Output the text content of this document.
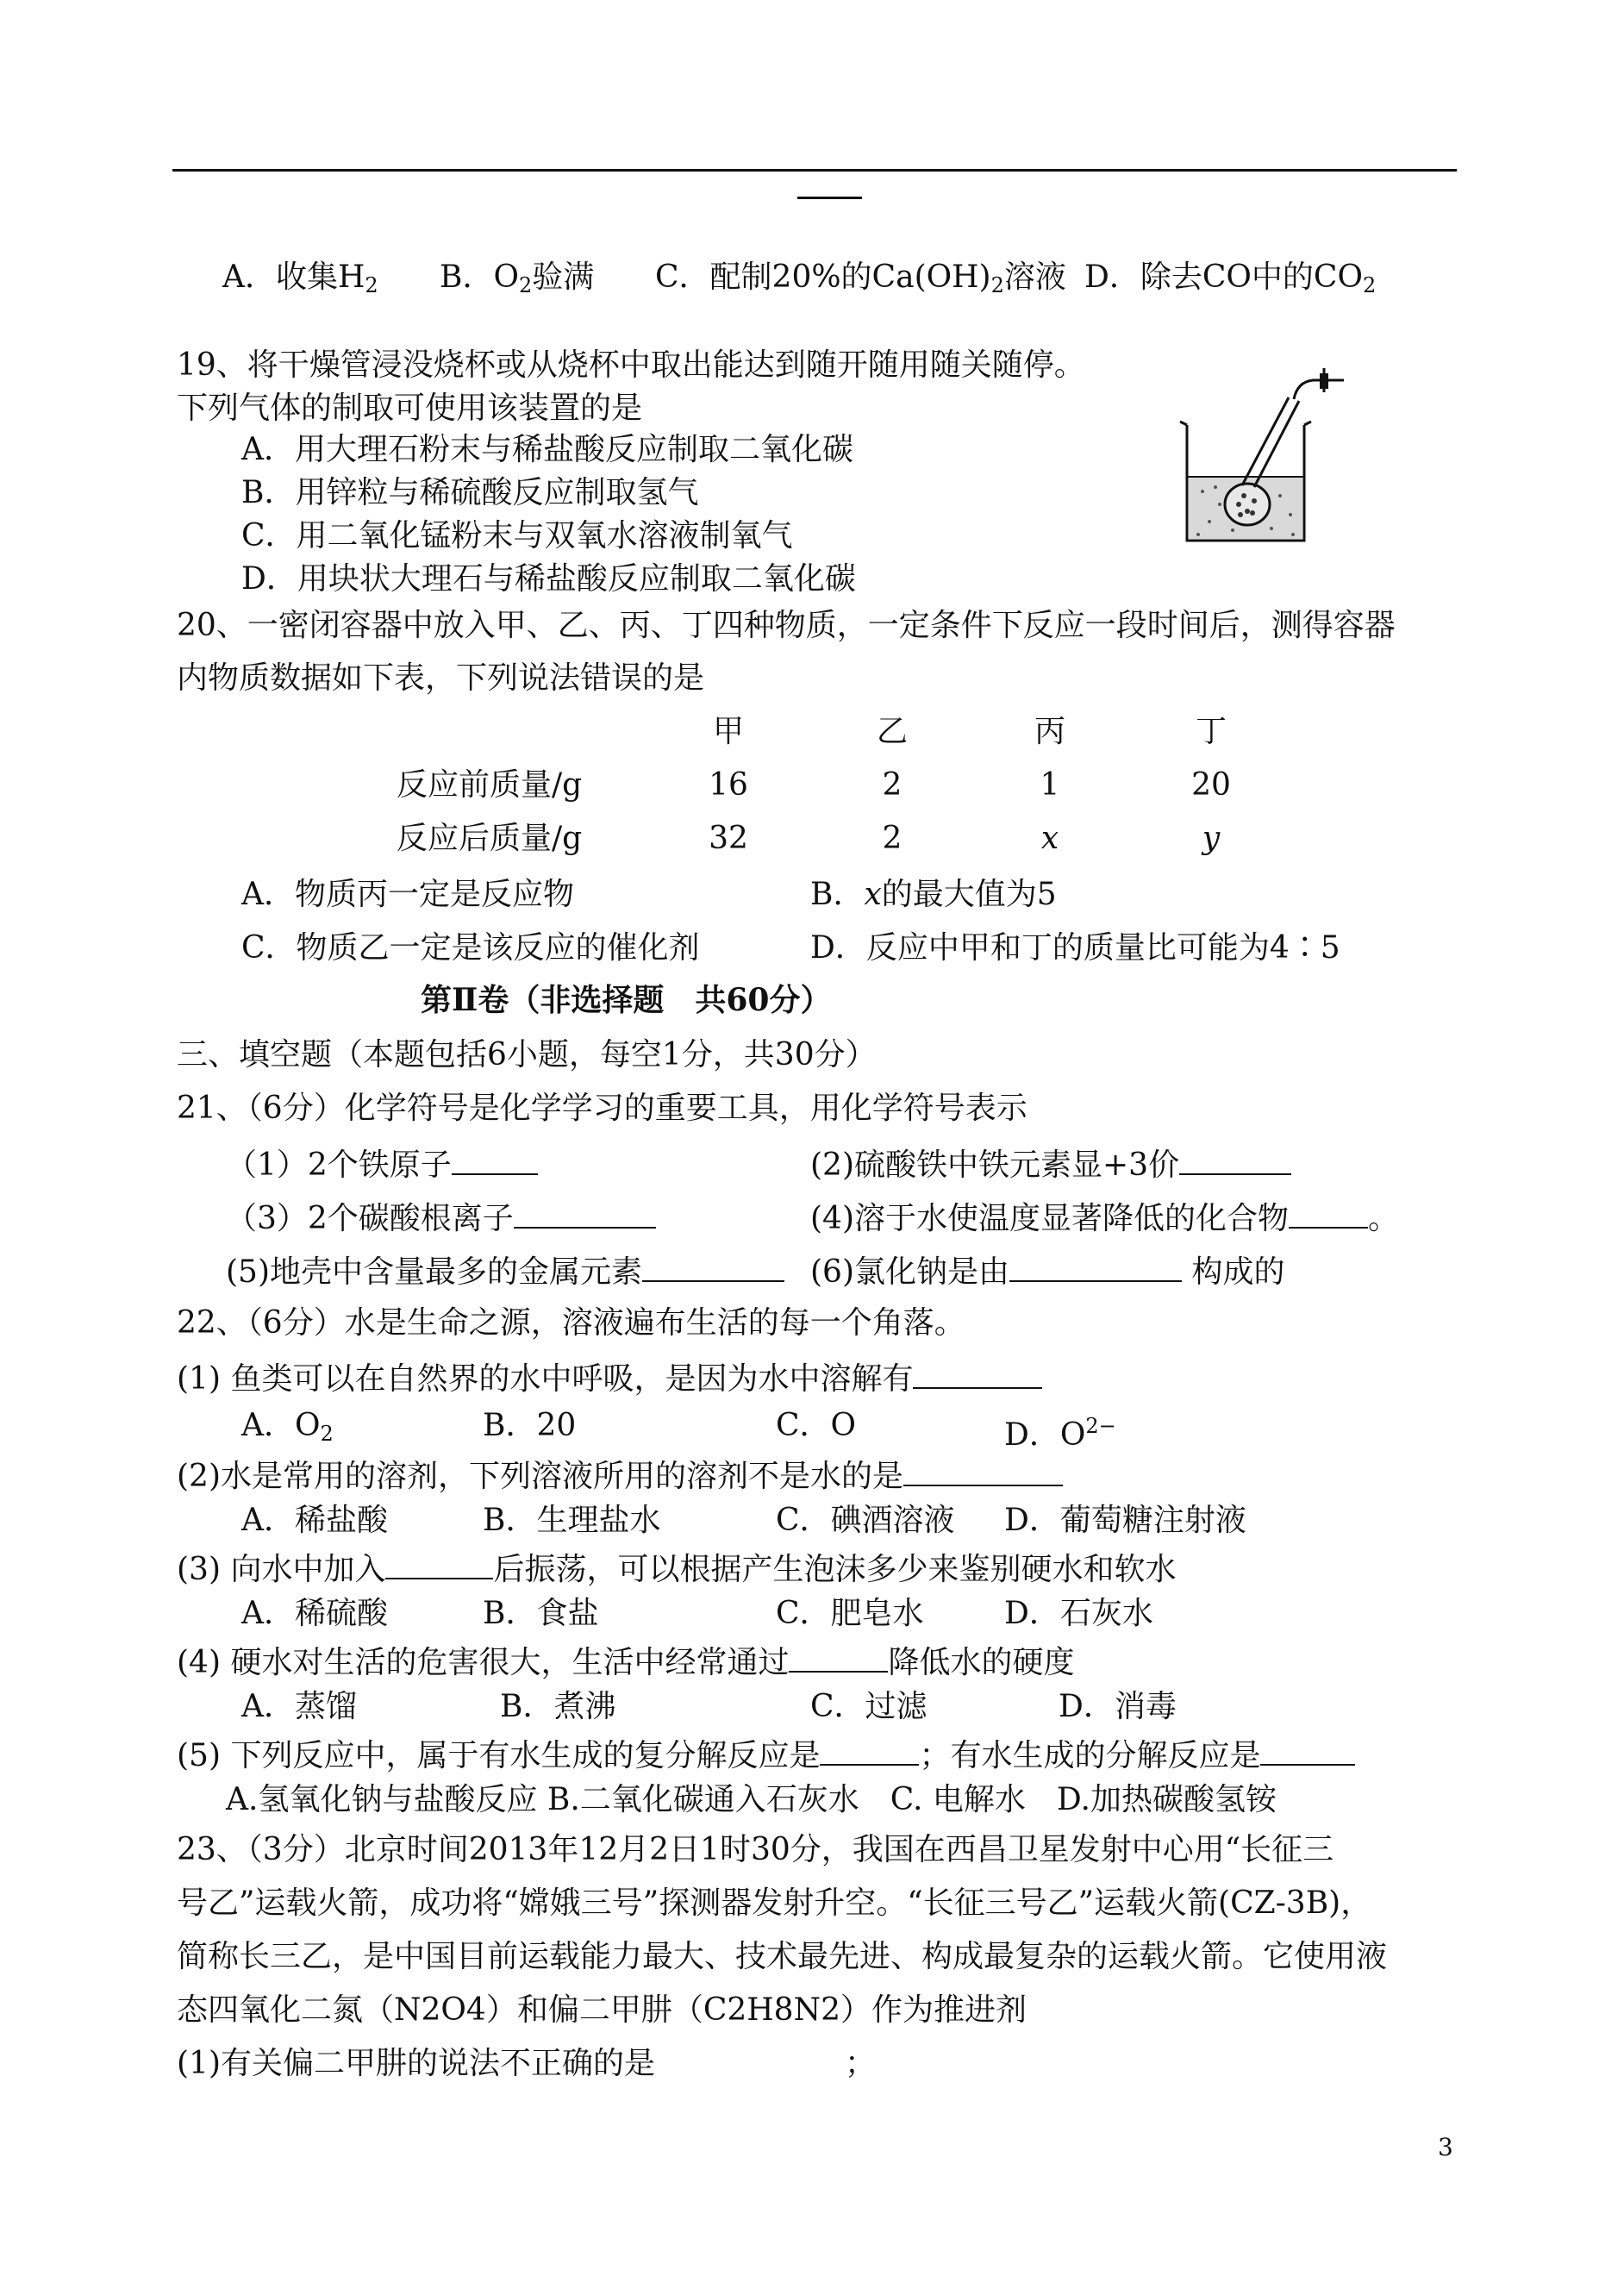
A．收集$H_2$ B．$O_2$验满 C．配制20%的$Ca(OH)_2$溶液 D．除去CO中的$CO_2$
19、将干燥管浸没烧杯或从烧杯中取出能达到随开随用随关随停。
下列气体的制取可使用该装置的是
A．用大理石粉末与稀盐酸反应制取二氧化碳
B．用锌粒与稀硫酸反应制取氢气
C．用二氧化锰粉末与双氧水溶液制氧气
D．用块状大理石与稀盐酸反应制取二氧化碳
20、一密闭容器中放入甲、乙、丙、丁四种物质，一定条件下反应一段时间后，测得容器
内物质数据如下表，下列说法错误的是
甲	乙	丙	丁
反应前质量/g	16	2	1	20
反应后质量/g	32	2	x	y
A．物质丙一定是反应物	B．x的最大值为5
C．物质乙一定是该反应的催化剂	D．反应中甲和丁的质量比可能为4∶5
第Ⅱ卷（非选择题　共60分）
三、填空题（本题包括6小题，每空1分，共30分）
21、（6分）化学符号是化学学习的重要工具，用化学符号表示
（1）2个铁原子	(2)硫酸铁中铁元素显+3价
（3）2个碳酸根离子	(4)溶于水使温度显著降低的化合物	。
(5)地壳中含量最多的金属元素	(6)氯化钠是由	构成的
22、（6分）水是生命之源，溶液遍布生活的每一个角落。
(1) 鱼类可以在自然界的水中呼吸，是因为水中溶解有
A．$O_2$	B．20	C．O	D．$O^{2-}$
(2)水是常用的溶剂，下列溶液所用的溶剂不是水的是
A．稀盐酸	B．生理盐水	C．碘酒溶液 D．葡萄糖注射液
(3) 向水中加入	后振荡，可以根据产生泡沫多少来鉴别硬水和软水
A．稀硫酸	B．食盐	C．肥皂水	D．石灰水
(4) 硬水对生活的危害很大，生活中经常通过	降低水的硬度
A．蒸馏	B．煮沸	C．过滤	D．消毒
(5) 下列反应中，属于有水生成的复分解反应是	；有水生成的分解反应是
A.氢氧化钠与盐酸反应 B.二氧化碳通入石灰水　C. 电解水　D.加热碳酸氢铵
23、（3分）北京时间2013年12月2日1时30分，我国在西昌卫星发射中心用“长征三
号乙”运载火箭，成功将“嫦娥三号”探测器发射升空。“长征三号乙”运载火箭(CZ-3B)，
简称长三乙，是中国目前运载能力最大、技术最先进、构成最复杂的运载火箭。它使用液
态四氧化二氮（N2O4）和偏二甲肼（C2H8N2）作为推进剂
(1)有关偏二甲肼的说法不正确的是	；
3
